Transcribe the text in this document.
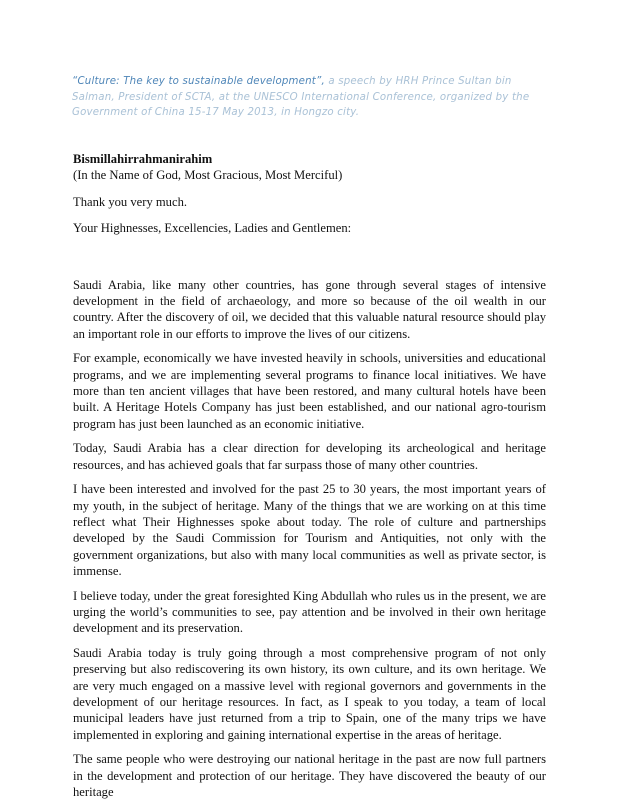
“Culture: The key to sustainable development”, a speech by HRH Prince Sultan bin Salman, President of SCTA, at the UNESCO International Conference, organized by the Government of China 15-17 May 2013, in Hongzo city.

Bismillahirrahmanirahim

(In the Name of God, Most Gracious, Most Merciful)

Thank you very much.

Your Highnesses, Excellencies, Ladies and Gentlemen:

Saudi Arabia, like many other countries, has gone through several stages of intensive development in the field of archaeology, and more so because of the oil wealth in our country. After the discovery of oil, we decided that this valuable natural resource should play an important role in our efforts to improve the lives of our citizens.

For example, economically we have invested heavily in schools, universities and educational programs, and we are implementing several programs to finance local initiatives. We have more than ten ancient villages that have been restored, and many cultural hotels have been built. A Heritage Hotels Company has just been established, and our national agro-tourism program has just been launched as an economic initiative.

Today, Saudi Arabia has a clear direction for developing its archeological and heritage resources, and has achieved goals that far surpass those of many other countries.

I have been interested and involved for the past 25 to 30 years, the most important years of my youth, in the subject of heritage. Many of the things that we are working on at this time reflect what Their Highnesses spoke about today. The role of culture and partnerships developed by the Saudi Commission for Tourism and Antiquities, not only with the government organizations, but also with many local communities as well as private sector, is immense.

I believe today, under the great foresighted King Abdullah who rules us in the present, we are urging the world’s communities to see, pay attention and be involved in their own heritage development and its preservation.

Saudi Arabia today is truly going through a most comprehensive program of not only preserving but also rediscovering its own history, its own culture, and its own heritage. We are very much engaged on a massive level with regional governors and governments in the development of our heritage resources. In fact, as I speak to you today, a team of local municipal leaders have just returned from a trip to Spain, one of the many trips we have implemented in exploring and gaining international expertise in the areas of heritage.

The same people who were destroying our national heritage in the past are now full partners in the development and protection of our heritage. They have discovered the beauty of our heritage
